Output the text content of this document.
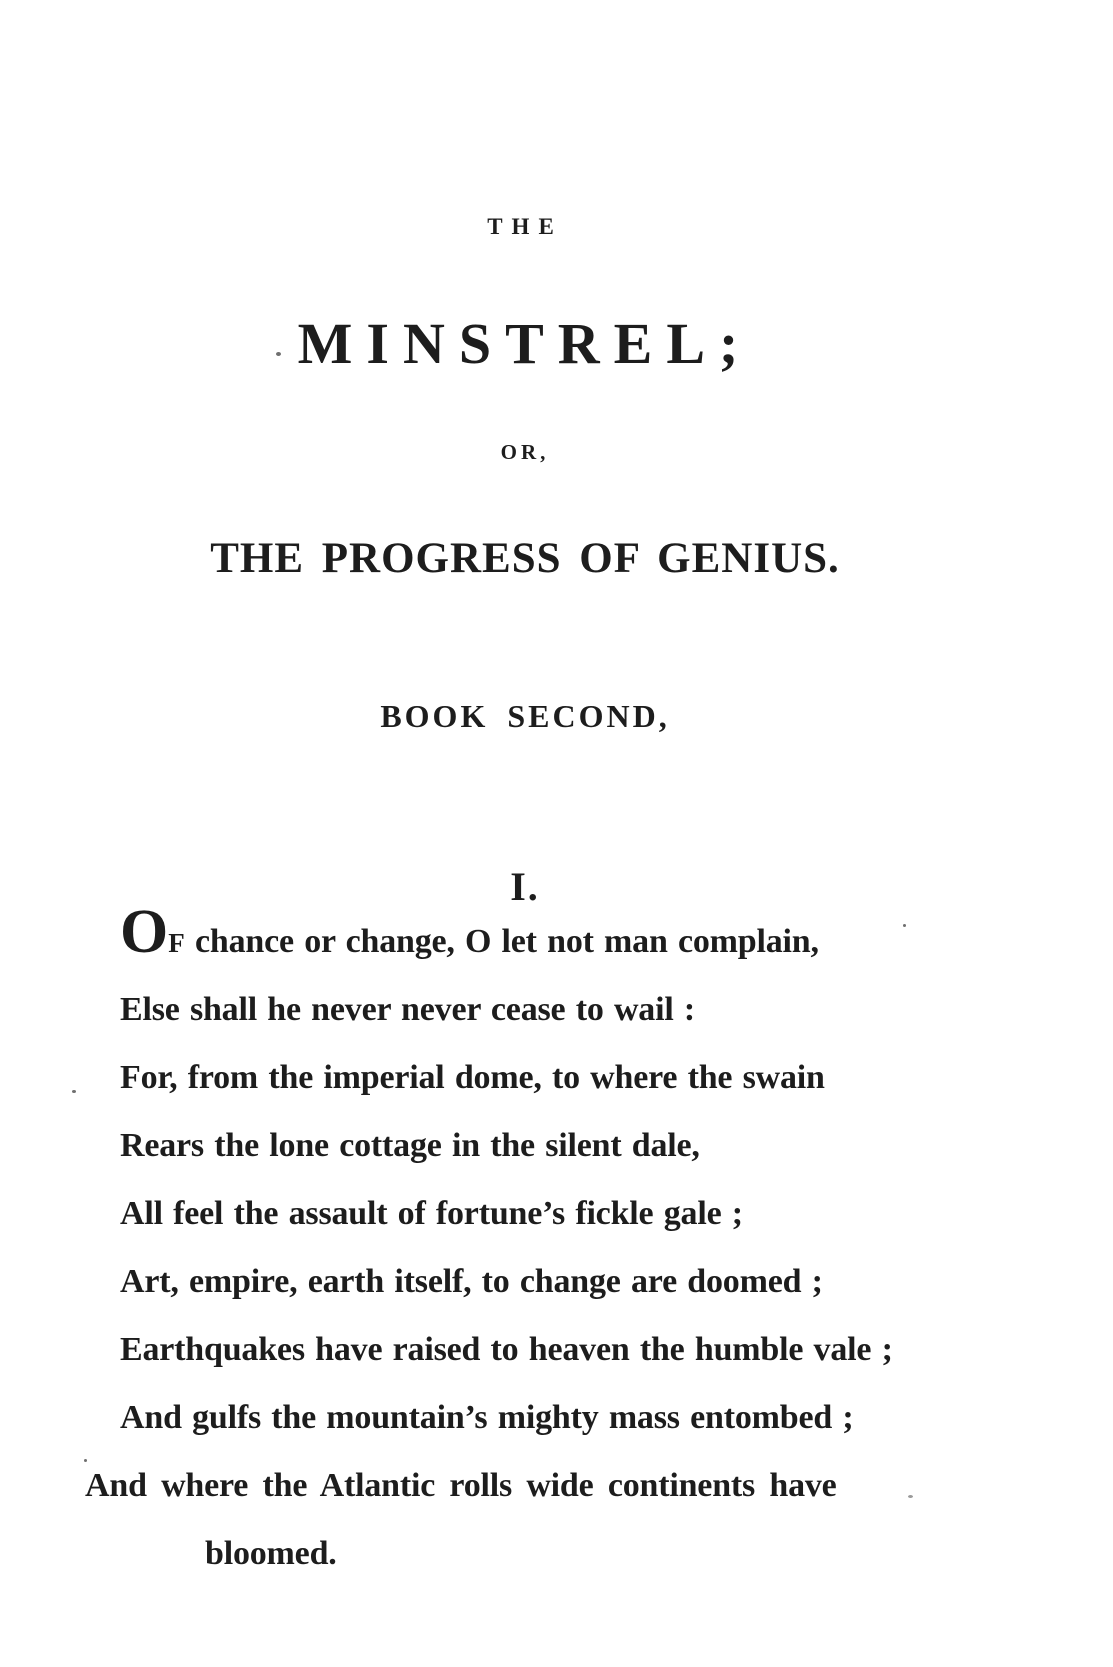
THE
MINSTREL;
OR,
THE PROGRESS OF GENIUS.
BOOK SECOND,
I.
OF chance or change, O let not man complain,
Else shall he never never cease to wail :
For, from the imperial dome, to where the swain
Rears the lone cottage in the silent dale,
All feel the assault of fortune’s fickle gale ;
Art, empire, earth itself, to change are doomed ;
Earthquakes have raised to heaven the humble vale ;
And gulfs the mountain’s mighty mass entombed ;
And where the Atlantic rolls wide continents have
bloomed.
